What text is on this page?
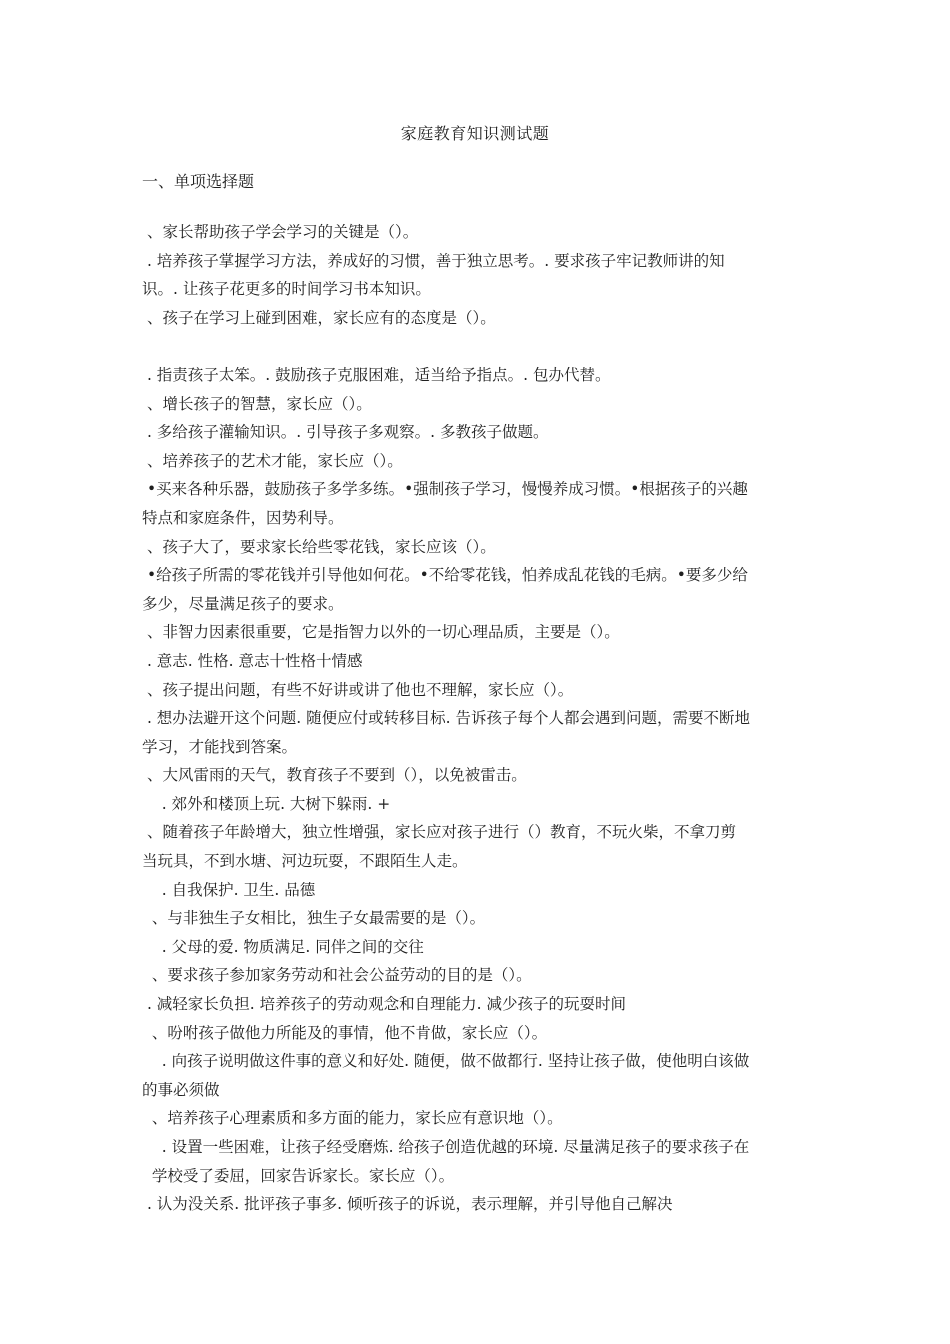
家庭教育知识测试题
一、单项选择题
、家长帮助孩子学会学习的关键是（）。
. 培养孩子掌握学习方法，养成好的习惯，善于独立思考。. 要求孩子牢记教师讲的知
识。. 让孩子花更多的时间学习书本知识。
、孩子在学习上碰到困难，家长应有的态度是（）。
. 指责孩子太笨。. 鼓励孩子克服困难，适当给予指点。. 包办代替。
、增长孩子的智慧，家长应（）。
. 多给孩子灌输知识。. 引导孩子多观察。. 多教孩子做题。
、培养孩子的艺术才能，家长应（）。
•买来各种乐器，鼓励孩子多学多练。•强制孩子学习，慢慢养成习惯。•根据孩子的兴趣
特点和家庭条件，因势利导。
、孩子大了，要求家长给些零花钱，家长应该（）。
•给孩子所需的零花钱并引导他如何花。•不给零花钱，怕养成乱花钱的毛病。•要多少给
多少，尽量满足孩子的要求。
、非智力因素很重要，它是指智力以外的一切心理品质，主要是（）。
. 意志. 性格. 意志十性格十情感
、孩子提出问题，有些不好讲或讲了他也不理解，家长应（）。
. 想办法避开这个问题. 随便应付或转移目标. 告诉孩子每个人都会遇到问题，需要不断地
学习，才能找到答案。
、大风雷雨的天气，教育孩子不要到（），以免被雷击。
. 郊外和楼顶上玩. 大树下躲雨. +
、随着孩子年龄增大，独立性增强，家长应对孩子进行（）教育，不玩火柴，不拿刀剪
当玩具，不到水塘、河边玩耍，不跟陌生人走。
. 自我保护. 卫生. 品德
、与非独生子女相比，独生子女最需要的是（）。
. 父母的爱. 物质满足. 同伴之间的交往
、要求孩子参加家务劳动和社会公益劳动的目的是（）。
. 减轻家长负担. 培养孩子的劳动观念和自理能力. 减少孩子的玩耍时间
、吩咐孩子做他力所能及的事情，他不肯做，家长应（）。
. 向孩子说明做这件事的意义和好处. 随便，做不做都行. 坚持让孩子做，使他明白该做
的事必须做
、培养孩子心理素质和多方面的能力，家长应有意识地（）。
. 设置一些困难，让孩子经受磨炼. 给孩子创造优越的环境. 尽量满足孩子的要求孩子在
学校受了委屈，回家告诉家长。家长应（）。
. 认为没关系. 批评孩子事多. 倾听孩子的诉说，表示理解，并引导他自己解决
